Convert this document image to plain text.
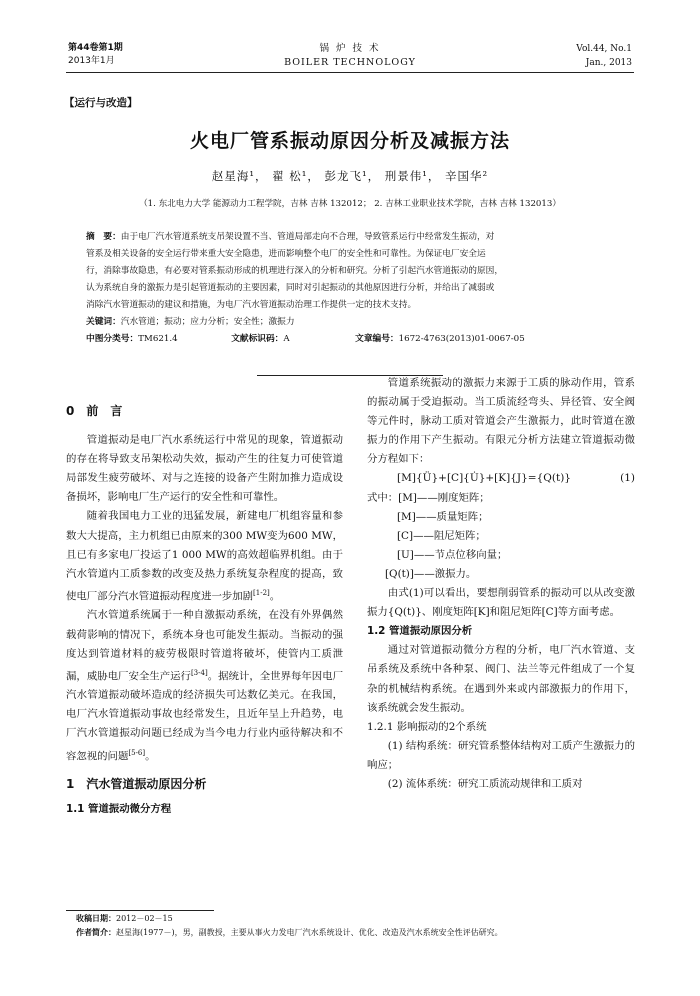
第44卷第1期
2013年1月
锅 炉 技 术
BOILER TECHNOLOGY
Vol.44, No.1
Jan., 2013
【运行与改造】
火电厂管系振动原因分析及减振方法
赵星海¹， 翟 松¹， 彭龙飞¹， 刑景伟¹， 辛国华²
（1. 东北电力大学 能源动力工程学院，吉林 吉林 132012； 2. 吉林工业职业技术学院，吉林 吉林 132013）
摘　要：由于电厂汽水管道系统支吊架设置不当、管道局部走向不合理，导致管系运行中经常发生振动，对
管系及相关设备的安全运行带来重大安全隐患，进而影响整个电厂的安全性和可靠性。为保证电厂安全运
行，消除事故隐患，有必要对管系振动形成的机理进行深入的分析和研究。分析了引起汽水管道振动的原因，
认为系统自身的激振力是引起管道振动的主要因素，同时对引起振动的其他原因进行分析，并给出了减弱或
消除汽水管道振动的建议和措施，为电厂汽水管道振动治理工作提供一定的技术支持。
关键词：汽水管道；振动；应力分析；安全性；激振力
中图分类号：TM621.4	文献标识码：A	文章编号：1672-4763(2013)01-0067-05
0　前　言

管道振动是电厂汽水系统运行中常见的现象，管道振动的存在将导致支吊架松动失效，振动产生的往复力可使管道局部发生疲劳破坏、对与之连接的设备产生附加推力造成设备损坏，影响电厂生产运行的安全性和可靠性。

随着我国电力工业的迅猛发展，新建电厂机组容量和参数大大提高，主力机组已由原来的300 MW变为600 MW，且已有多家电厂投运了1 000 MW的高效超临界机组。由于汽水管道内工质参数的改变及热力系统复杂程度的提高，致使电厂部分汽水管道振动程度进一步加剧[1-2]。

汽水管道系统属于一种自激振动系统，在没有外界偶然载荷影响的情况下，系统本身也可能发生振动。当振动的强度达到管道材料的疲劳极限时管道将破坏，使管内工质泄漏，威胁电厂安全生产运行[3-4]。据统计，全世界每年因电厂汽水管道振动破坏造成的经济损失可达数亿美元。在我国，电厂汽水管道振动事故也经常发生，且近年呈上升趋势，电厂汽水管道振动问题已经成为当今电力行业内亟待解决和不容忽视的问题[5-6]。

1　汽水管道振动原因分析
1.1 管道振动微分方程

管道系统振动的激振力来源于工质的脉动作用，管系的振动属于受迫振动。当工质流经弯头、异径管、安全阀等元件时，脉动工质对管道会产生激振力，此时管道在激振力的作用下产生振动。有限元分析方法建立管道振动微分方程如下：

[M]{Ü}+[C]{U̇}+[K]{J}={Q(t)}	(1)
式中：[M]——刚度矩阵；
[M]——质量矩阵；
[C]——阻尼矩阵；
[U]——节点位移向量；
[Q(t)]——激振力。

由式(1)可以看出，要想削弱管系的振动可以从改变激振力{Q(t)}、刚度矩阵[K]和阻尼矩阵[C]等方面考虑。

1.2 管道振动原因分析

通过对管道振动微分方程的分析，电厂汽水管道、支吊系统及系统中各种泵、阀门、法兰等元件组成了一个复杂的机械结构系统。在遇到外来或内部激振力的作用下，该系统就会发生振动。

1.2.1 影响振动的2个系统

(1) 结构系统：研究管系整体结构对工质产生激振力的响应；

(2) 流体系统：研究工质流动规律和工质对

收稿日期：2012－02－15
作者简介：赵星海(1977－)，男，副教授，主要从事火力发电厂汽水系统设计、优化、改造及汽水系统安全性评估研究。
